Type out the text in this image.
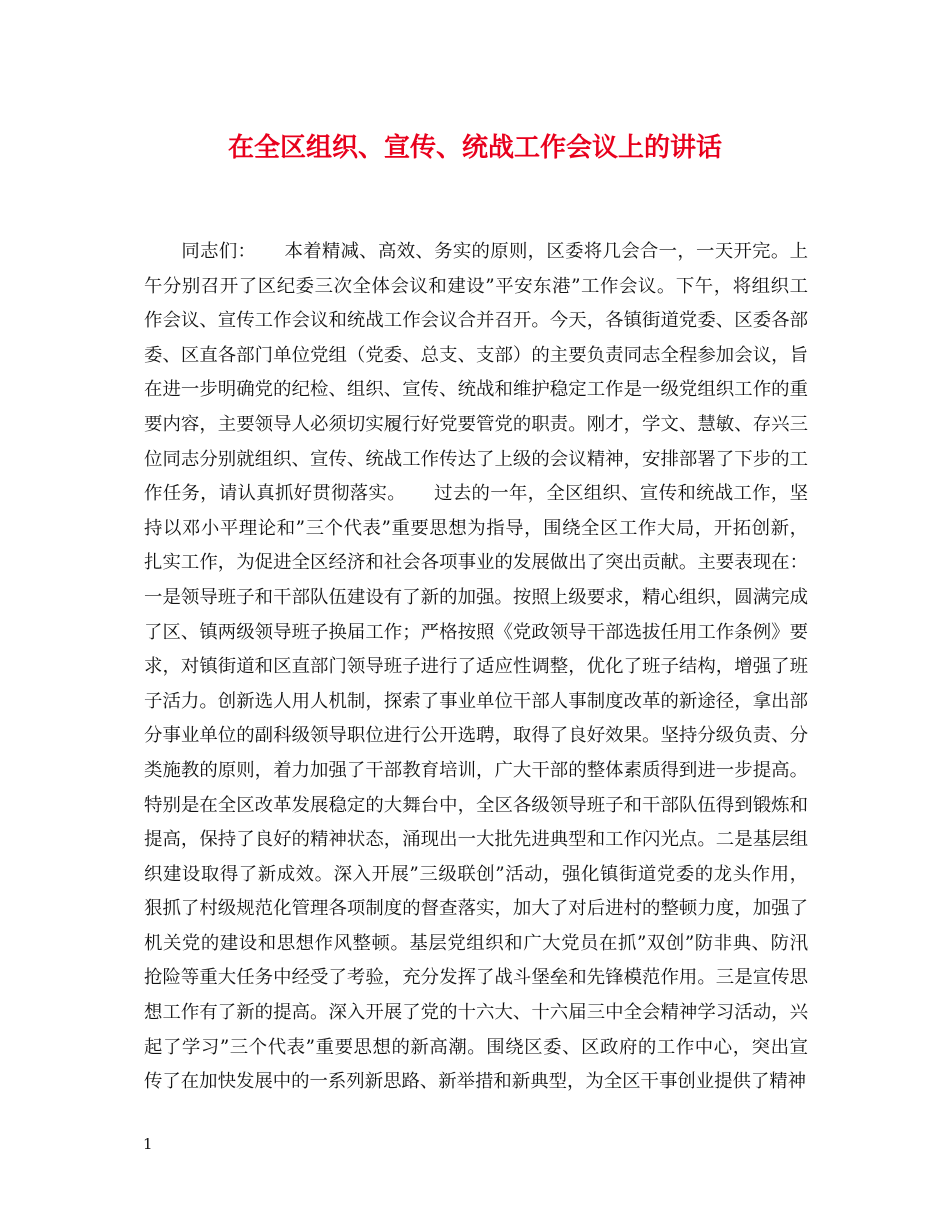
在全区组织、宣传、统战工作会议上的讲话
　　同志们：　　本着精减、高效、务实的原则，区委将几会合一，一天开完。上
午分别召开了区纪委三次全体会议和建设”平安东港”工作会议。下午，将组织工
作会议、宣传工作会议和统战工作会议合并召开。今天，各镇街道党委、区委各部
委、区直各部门单位党组（党委、总支、支部）的主要负责同志全程参加会议，旨
在进一步明确党的纪检、组织、宣传、统战和维护稳定工作是一级党组织工作的重
要内容，主要领导人必须切实履行好党要管党的职责。刚才，学文、慧敏、存兴三
位同志分别就组织、宣传、统战工作传达了上级的会议精神，安排部署了下步的工
作任务，请认真抓好贯彻落实。　　过去的一年，全区组织、宣传和统战工作，坚
持以邓小平理论和”三个代表”重要思想为指导，围绕全区工作大局，开拓创新，
扎实工作，为促进全区经济和社会各项事业的发展做出了突出贡献。主要表现在：
一是领导班子和干部队伍建设有了新的加强。按照上级要求，精心组织，圆满完成
了区、镇两级领导班子换届工作；严格按照《党政领导干部选拔任用工作条例》要
求，对镇街道和区直部门领导班子进行了适应性调整，优化了班子结构，增强了班
子活力。创新选人用人机制，探索了事业单位干部人事制度改革的新途径，拿出部
分事业单位的副科级领导职位进行公开选聘，取得了良好效果。坚持分级负责、分
类施教的原则，着力加强了干部教育培训，广大干部的整体素质得到进一步提高。
特别是在全区改革发展稳定的大舞台中，全区各级领导班子和干部队伍得到锻炼和
提高，保持了良好的精神状态，涌现出一大批先进典型和工作闪光点。二是基层组
织建设取得了新成效。深入开展”三级联创”活动，强化镇街道党委的龙头作用，
狠抓了村级规范化管理各项制度的督查落实，加大了对后进村的整顿力度，加强了
机关党的建设和思想作风整顿。基层党组织和广大党员在抓”双创”防非典、防汛
抢险等重大任务中经受了考验，充分发挥了战斗堡垒和先锋模范作用。三是宣传思
想工作有了新的提高。深入开展了党的十六大、十六届三中全会精神学习活动，兴
起了学习”三个代表”重要思想的新高潮。围绕区委、区政府的工作中心，突出宣
传了在加快发展中的一系列新思路、新举措和新典型，为全区干事创业提供了精神
1
